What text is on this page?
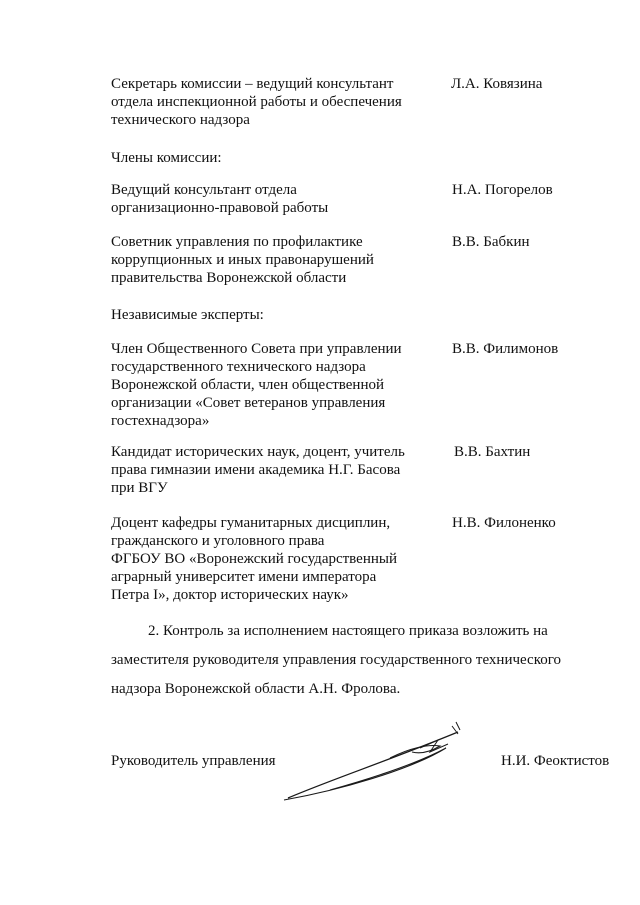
Секретарь комиссии – ведущий консультант
отдела инспекционной работы и обеспечения
технического надзора
Л.А. Ковязина
Члены комиссии:
Ведущий консультант отдела
организационно-правовой работы
Н.А. Погорелов
Советник управления по профилактике
коррупционных и иных правонарушений
правительства Воронежской области
В.В. Бабкин
Независимые эксперты:
Член Общественного Совета при управлении
государственного технического надзора
Воронежской области, член общественной
организации «Совет ветеранов управления
гостехнадзора»
В.В. Филимонов
Кандидат исторических наук, доцент, учитель
права гимназии имени академика Н.Г. Басова
при ВГУ
В.В. Бахтин
Доцент кафедры гуманитарных дисциплин,
гражданского и уголовного права
ФГБОУ ВО «Воронежский государственный
аграрный университет имени императора
Петра I», доктор исторических наук»
Н.В. Филоненко

2. Контроль за исполнением настоящего приказа возложить на

заместителя руководителя управления государственного технического

надзора Воронежской области А.Н. Фролова.

Руководитель управления	Н.И. Феоктистов
